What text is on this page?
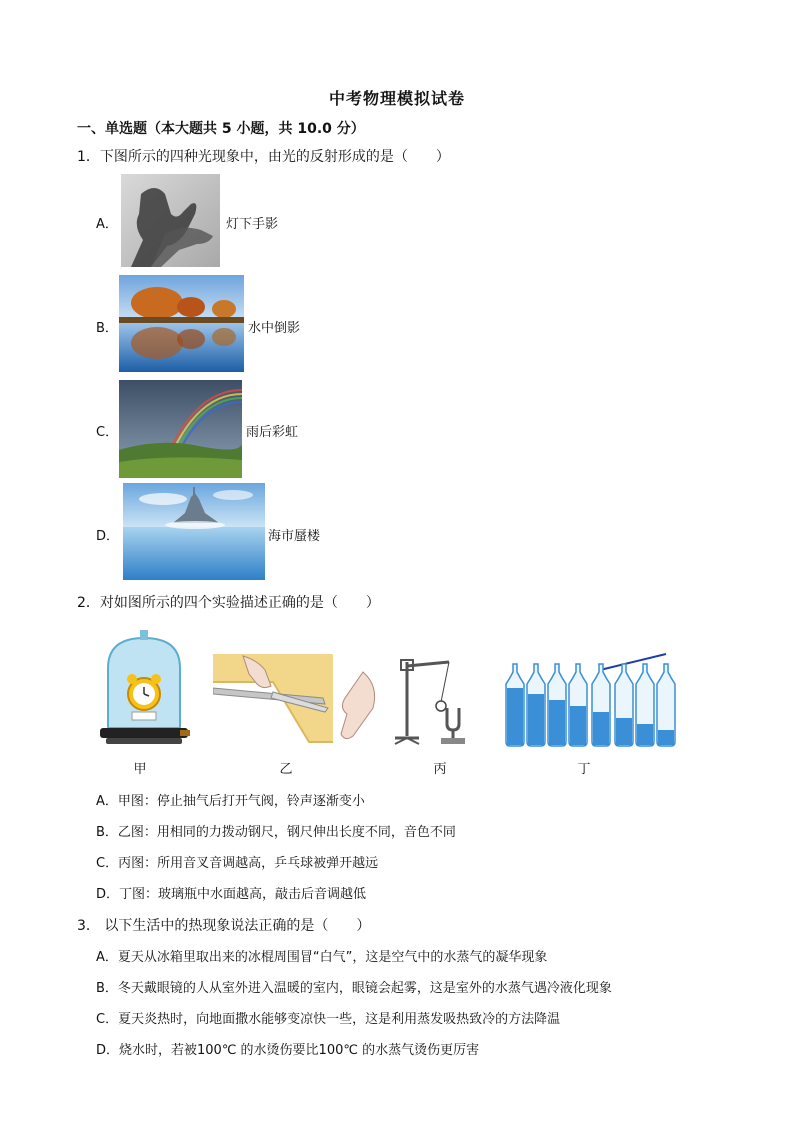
中考物理模拟试卷
一、单选题（本大题共 5 小题，共 10.0 分）
1．下图所示的四种光现象中，由光的反射形成的是（　　）
A．	灯下手影
B．	水中倒影
C．	雨后彩虹
D．	海市蜃楼
2．对如图所示的四个实验描述正确的是（　　）
甲	乙	丙	丁
A．甲图：停止抽气后打开气阀，铃声逐渐变小
B．乙图：用相同的力拨动钢尺，钢尺伸出长度不同，音色不同
C．丙图：所用音叉音调越高，乒乓球被弹开越远
D．丁图：玻璃瓶中水面越高，敲击后音调越低
3． 以下生活中的热现象说法正确的是（　　）
A．夏天从冰箱里取出来的冰棍周围冒“白气”，这是空气中的水蒸气的凝华现象
B．冬天戴眼镜的人从室外进入温暖的室内，眼镜会起雾，这是室外的水蒸气遇冷液化现象
C．夏天炎热时，向地面撒水能够变凉快一些，这是利用蒸发吸热致冷的方法降温
D．烧水时，若被100℃ 的水烫伤要比100℃ 的水蒸气烫伤更厉害
